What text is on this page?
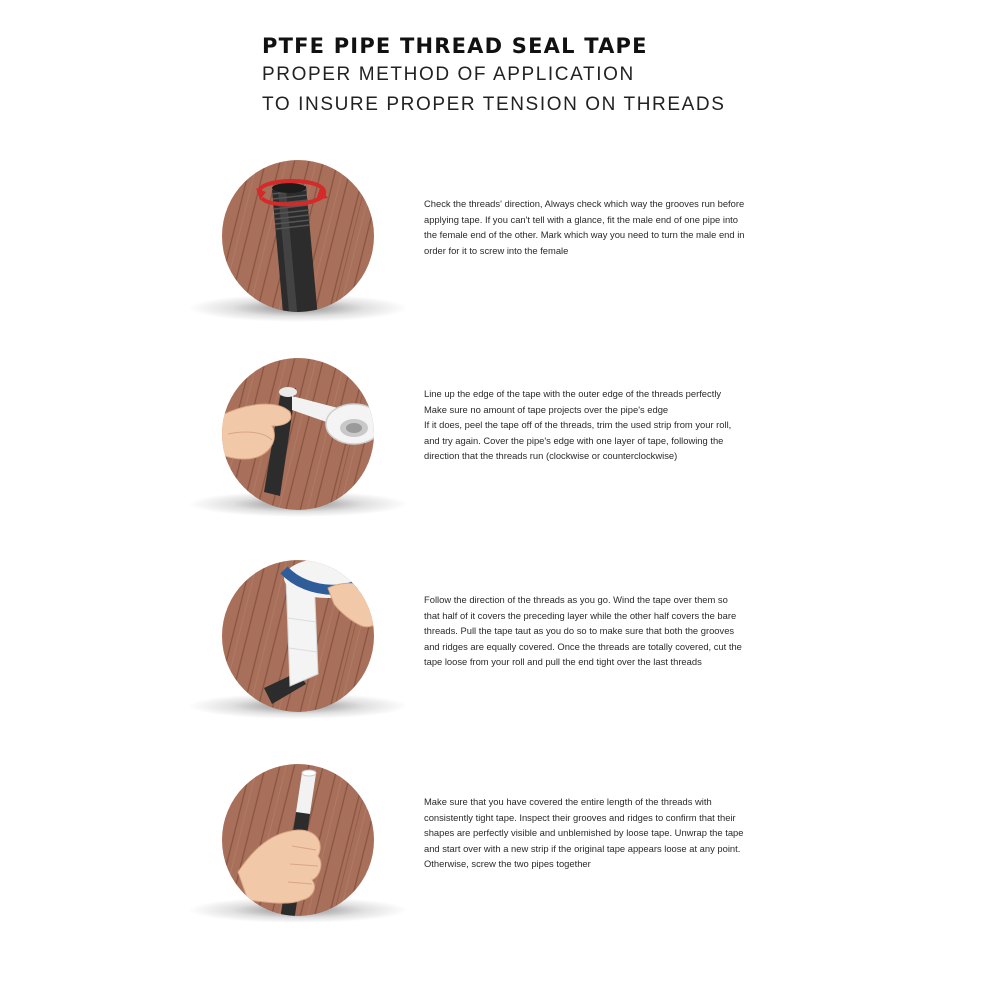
PTFE PIPE THREAD SEAL TAPE
PROPER METHOD OF APPLICATION
TO INSURE PROPER TENSION ON THREADS
Check the threads' direction, Always check which way the grooves run before
applying tape. If you can't tell with a glance, fit the male end of one pipe into
the female end of the other. Mark which way you need to turn the male end in
order for it to screw into the female
Line up the edge of the tape with the outer edge of the threads perfectly
Make sure no amount of tape projects over the pipe's edge
If it does, peel the tape off of the threads, trim the used strip from your roll,
and try again. Cover the pipe's edge with one layer of tape, following the
direction that the threads run (clockwise or counterclockwise)
Follow the direction of the threads as you go. Wind the tape over them so
that half of it covers the preceding layer while the other half covers the bare
threads. Pull the tape taut as you do so to make sure that both the grooves
and ridges are equally covered. Once the threads are totally covered, cut the
tape loose from your roll and pull the end tight over the last threads
Make sure that you have covered the entire length of the threads with
consistently tight tape. Inspect their grooves and ridges to confirm that their
shapes are perfectly visible and unblemished by loose tape. Unwrap the tape
and start over with a new strip if the original tape appears loose at any point.
Otherwise, screw the two pipes together
